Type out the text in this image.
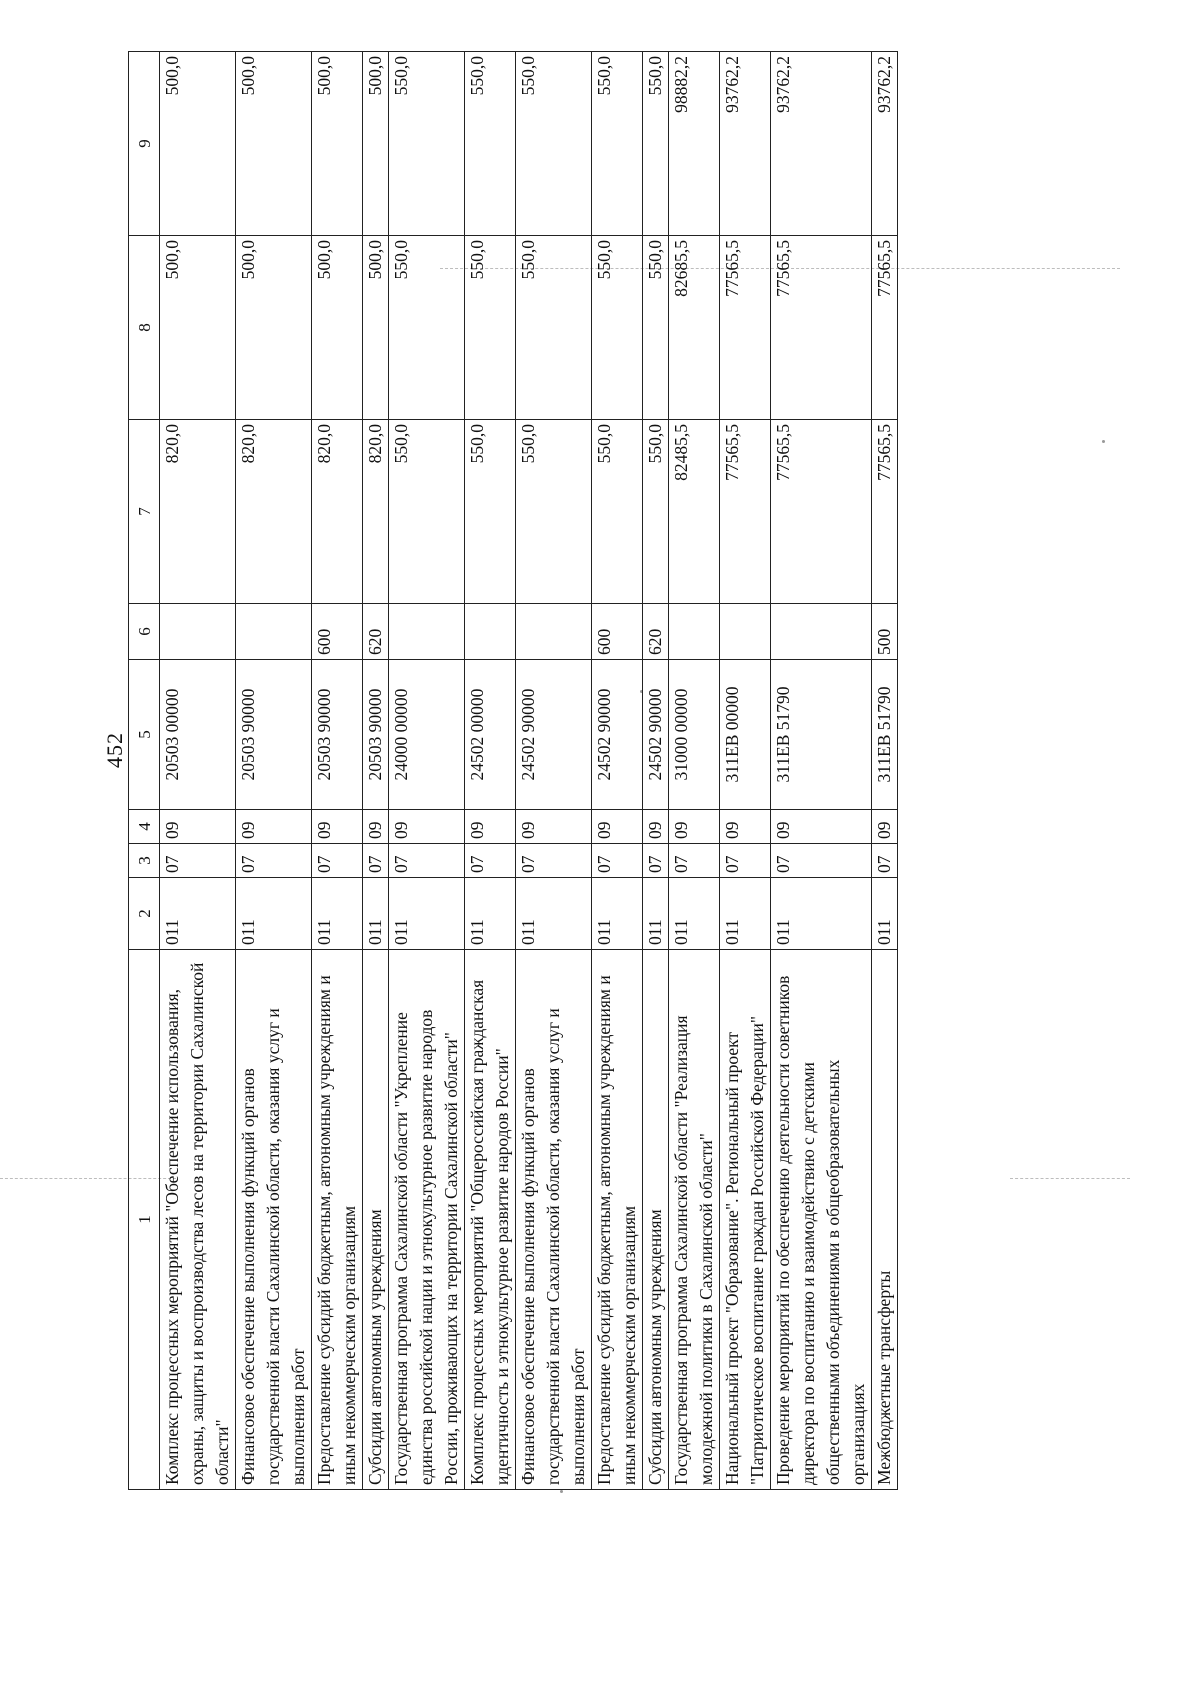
452
1	2	3	4	5	6	7	8	9
Комплекс процессных мероприятий "Обеспечение использования, охраны, защиты и воспроизводства лесов на территории Сахалинской области"	011	07	09	20503 00000		820,0	500,0	500,0
Финансовое обеспечение выполнения функций органов государственной власти Сахалинской области, оказания услуг и выполнения работ	011	07	09	20503 90000		820,0	500,0	500,0
Предоставление субсидий бюджетным, автономным учреждениям и иным некоммерческим организациям	011	07	09	20503 90000	600	820,0	500,0	500,0
Субсидии автономным учреждениям	011	07	09	20503 90000	620	820,0	500,0	500,0
Государственная программа Сахалинской области "Укрепление единства российской нации и этнокультурное развитие народов России, проживающих на территории Сахалинской области"	011	07	09	24000 00000		550,0	550,0	550,0
Комплекс процессных мероприятий "Общероссийская гражданская идентичность и этнокультурное развитие народов России"	011	07	09	24502 00000		550,0	550,0	550,0
Финансовое обеспечение выполнения функций органов государственной власти Сахалинской области, оказания услуг и выполнения работ	011	07	09	24502 90000		550,0	550,0	550,0
Предоставление субсидий бюджетным, автономным учреждениям и иным некоммерческим организациям	011	07	09	24502 90000	600	550,0	550,0	550,0
Субсидии автономным учреждениям	011	07	09	24502 90000	620	550,0	550,0	550,0
Государственная программа Сахалинской области "Реализация молодежной политики в Сахалинской области"	011	07	09	31000 00000		82485,5	82685,5	98882,2
Национальный проект "Образование". Региональный проект "Патриотическое воспитание граждан Российской Федерации"	011	07	09	311ЕВ 00000		77565,5	77565,5	93762,2
Проведение мероприятий по обеспечению деятельности советников директора по воспитанию и взаимодействию с детскими общественными объединениями в общеобразовательных организациях	011	07	09	311ЕВ 51790		77565,5	77565,5	93762,2
Межбюджетные трансферты	011	07	09	311ЕВ 51790	500	77565,5	77565,5	93762,2
